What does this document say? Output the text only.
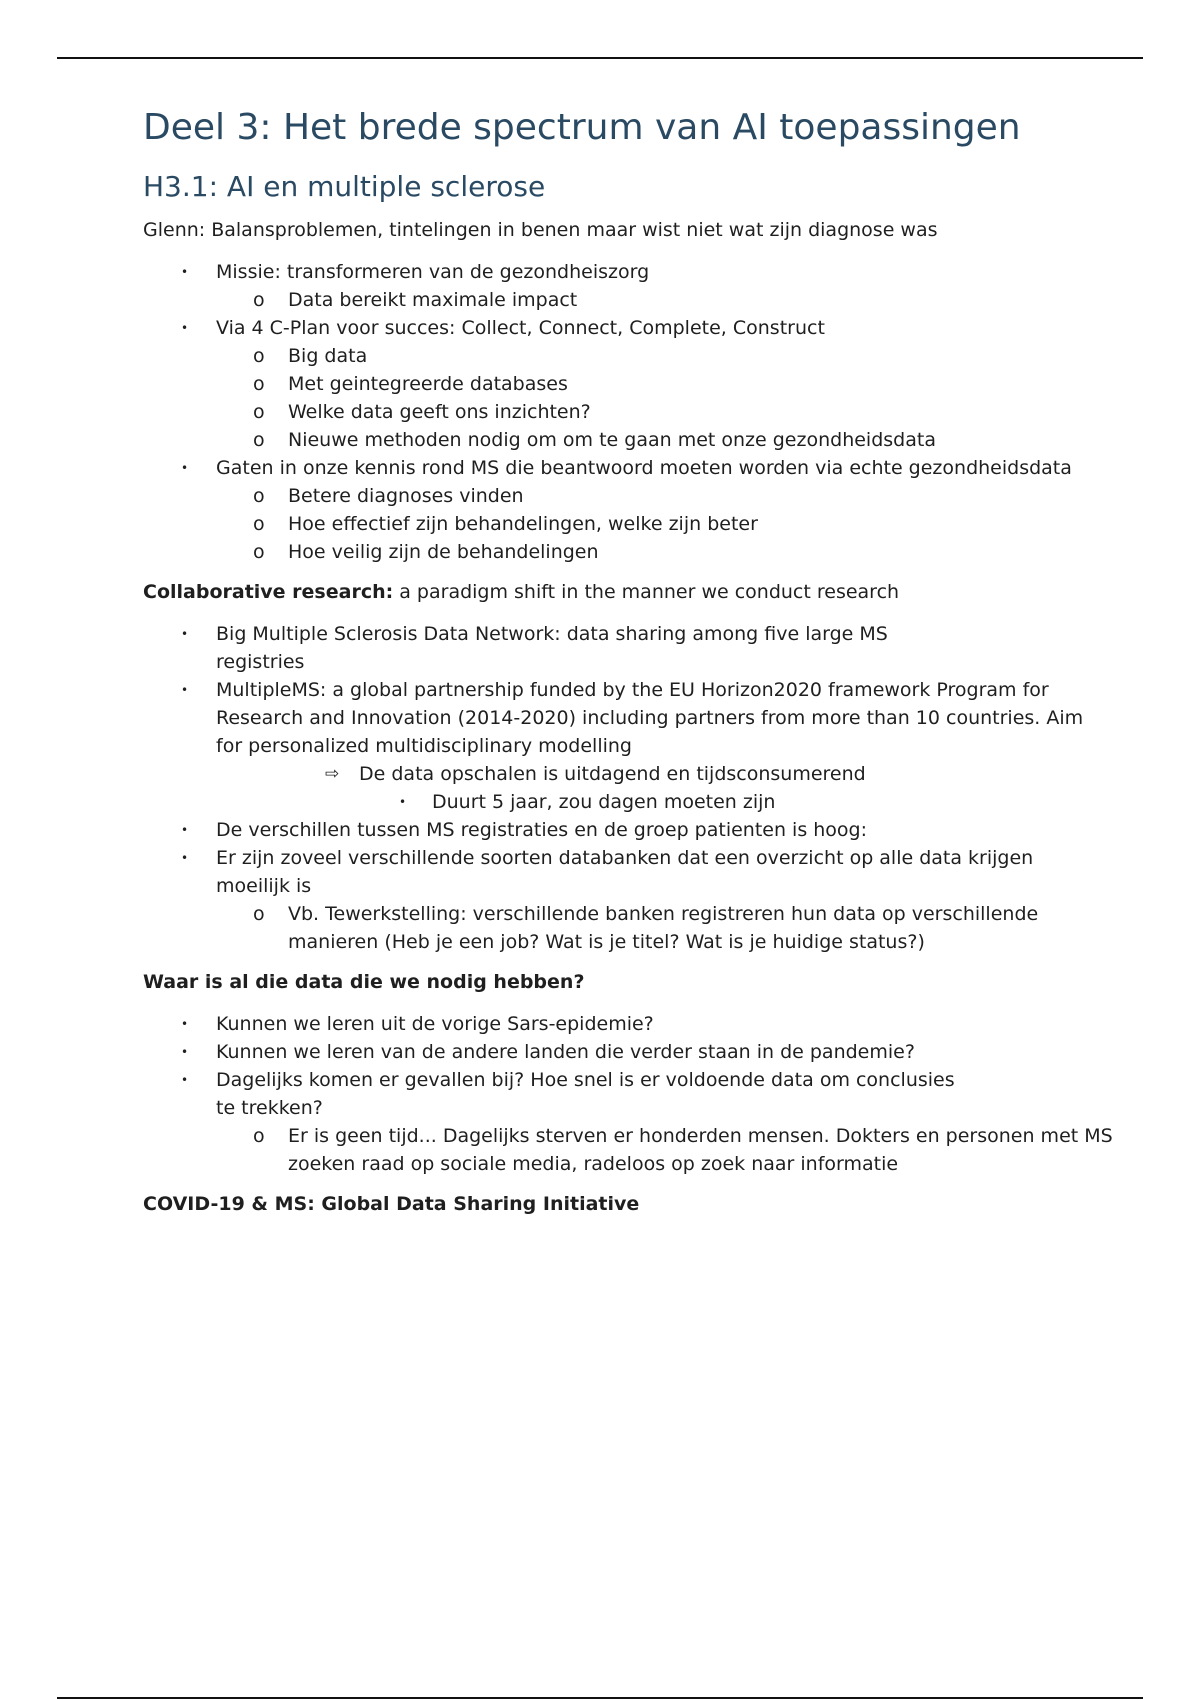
Deel 3: Het brede spectrum van AI toepassingen
H3.1: AI en multiple sclerose

Glenn: Balansproblemen, tintelingen in benen maar wist niet wat zijn diagnose was

• Missie: transformeren van de gezondheiszorg
o Data bereikt maximale impact
• Via 4 C-Plan voor succes: Collect, Connect, Complete, Construct
o Big data
o Met geintegreerde databases
o Welke data geeft ons inzichten?
o Nieuwe methoden nodig om om te gaan met onze gezondheidsdata
• Gaten in onze kennis rond MS die beantwoord moeten worden via echte gezondheidsdata
o Betere diagnoses vinden
o Hoe effectief zijn behandelingen, welke zijn beter
o Hoe veilig zijn de behandelingen

Collaborative research: a paradigm shift in the manner we conduct research

• Big Multiple Sclerosis Data Network: data sharing among five large MS registries
• MultipleMS: a global partnership funded by the EU Horizon2020 framework Program for Research and Innovation (2014-2020) including partners from more than 10 countries. Aim for personalized multidisciplinary modelling
⇨ De data opschalen is uitdagend en tijdsconsumerend
• Duurt 5 jaar, zou dagen moeten zijn
• De verschillen tussen MS registraties en de groep patienten is hoog:
• Er zijn zoveel verschillende soorten databanken dat een overzicht op alle data krijgen moeilijk is
o Vb. Tewerkstelling: verschillende banken registreren hun data op verschillende manieren (Heb je een job? Wat is je titel? Wat is je huidige status?)

Waar is al die data die we nodig hebben?

• Kunnen we leren uit de vorige Sars-epidemie?
• Kunnen we leren van de andere landen die verder staan in de pandemie?
• Dagelijks komen er gevallen bij? Hoe snel is er voldoende data om conclusies te trekken?
o Er is geen tijd... Dagelijks sterven er honderden mensen. Dokters en personen met MS zoeken raad op sociale media, radeloos op zoek naar informatie

COVID-19 & MS: Global Data Sharing Initiative
